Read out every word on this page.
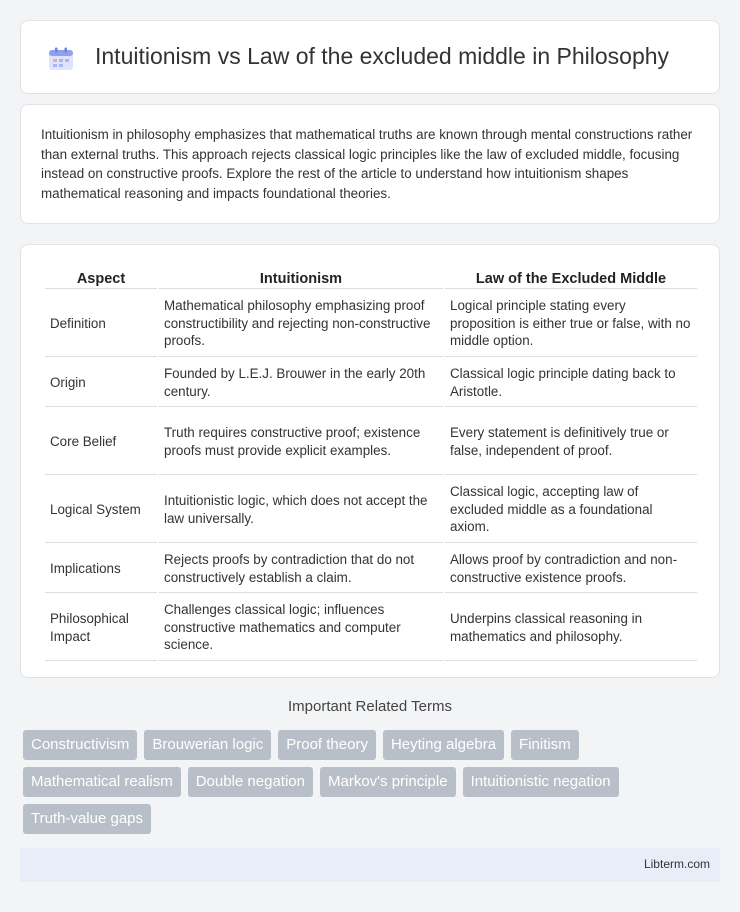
Intuitionism vs Law of the excluded middle in Philosophy

Intuitionism in philosophy emphasizes that mathematical truths are known through mental constructions rather than external truths. This approach rejects classical logic principles like the law of excluded middle, focusing instead on constructive proofs. Explore the rest of the article to understand how intuitionism shapes mathematical reasoning and impacts foundational theories.

Aspect	Intuitionism	Law of the Excluded Middle
Definition	Mathematical philosophy emphasizing proof constructibility and rejecting non-constructive proofs.	Logical principle stating every proposition is either true or false, with no middle option.
Origin	Founded by L.E.J. Brouwer in the early 20th century.	Classical logic principle dating back to Aristotle.
Core Belief	Truth requires constructive proof; existence proofs must provide explicit examples.	Every statement is definitively true or false, independent of proof.
Logical System	Intuitionistic logic, which does not accept the law universally.	Classical logic, accepting law of excluded middle as a foundational axiom.
Implications	Rejects proofs by contradiction that do not constructively establish a claim.	Allows proof by contradiction and non-constructive existence proofs.
Philosophical Impact	Challenges classical logic; influences constructive mathematics and computer science.	Underpins classical reasoning in mathematics and philosophy.
Important Related Terms
Constructivism	Brouwerian logic	Proof theory	Heyting algebra	Finitism
Mathematical realism	Double negation	Markov's principle	Intuitionistic negation
Truth-value gaps
Libterm.com
